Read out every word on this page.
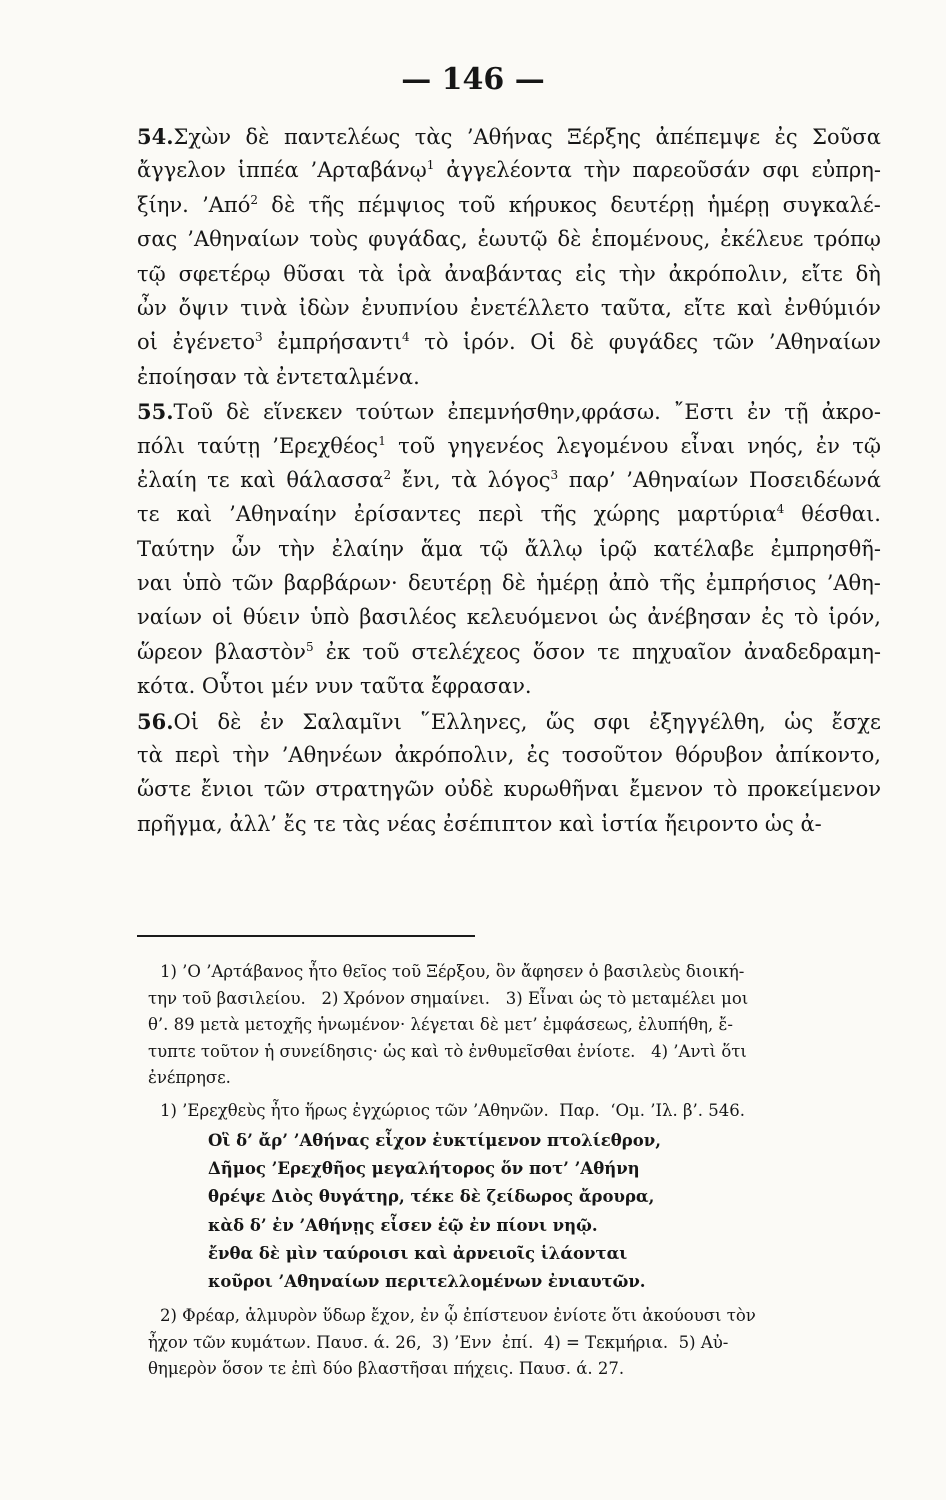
— 146 —
54.Σχὼν δὲ παντελέως τὰς ’Αθήνας Ξέρξης ἀπέπεμψε ἐς Σοῦσα
ἄγγελον ἱππέα ’Αρταβάνῳ$^1$ ἀγγελέοντα τὴν παρεοῦσάν σφι εὐπρη-
ξίην. ’Από$^2$ δὲ τῆς πέμψιος τοῦ κήρυκος δευτέρῃ ἡμέρῃ συγκαλέ-
σας ’Αθηναίων τοὺς φυγάδας, ἑωυτῷ δὲ ἑπομένους, ἐκέλευε τρόπῳ
τῷ σφετέρῳ θῦσαι τὰ ἱρὰ ἀναβάντας εἰς τὴν ἀκρόπολιν, εἴτε δὴ
ὦν ὄψιν τινὰ ἰδὼν ἐνυπνίου ἐνετέλλετο ταῦτα, εἴτε καὶ ἐνθύμιόν
οἱ ἐγένετο$^3$ ἐμπρήσαντι$^4$ τὸ ἱρόν. Οἱ δὲ φυγάδες τῶν ’Αθηναίων
ἐποίησαν τὰ ἐντεταλμένα.
55.Τοῦ δὲ εἵνεκεν τούτων ἐπεμνήσθην,φράσω. ῎Εστι ἐν τῇ ἀκρο-
πόλι ταύτῃ ’Ερεχθέος$^1$ τοῦ γηγενέος λεγομένου εἶναι νηός, ἐν τῷ
ἐλαίη τε καὶ θάλασσα$^2$ ἔνι, τὰ λόγος$^3$ παρ’ ’Αθηναίων Ποσειδέωνά
τε καὶ ’Αθηναίην ἐρίσαντες περὶ τῆς χώρης μαρτύρια$^4$ θέσθαι.
Ταύτην ὦν τὴν ἐλαίην ἅμα τῷ ἄλλῳ ἱρῷ κατέλαβε ἐμπρησθῆ-
ναι ὑπὸ τῶν βαρβάρων· δευτέρῃ δὲ ἡμέρῃ ἀπὸ τῆς ἐμπρήσιος ’Αθη-
ναίων οἱ θύειν ὑπὸ βασιλέος κελευόμενοι ὡς ἀνέβησαν ἐς τὸ ἱρόν,
ὥρεον βλαστὸν$^5$ ἐκ τοῦ στελέχεος ὅσον τε πηχυαῖον ἀναδεδραμη-
κότα. Οὗτοι μέν νυν ταῦτα ἔφρασαν.
56.Οἱ δὲ ἐν Σαλαμῖνι ῞Ελληνες, ὥς σφι ἐξηγγέλθη, ὡς ἔσχε
τὰ περὶ τὴν ’Αθηνέων ἀκρόπολιν, ἐς τοσοῦτον θόρυβον ἀπίκοντο,
ὥστε ἔνιοι τῶν στρατηγῶν οὐδὲ κυρωθῆναι ἔμενον τὸ προκείμενον
πρῆγμα, ἀλλ’ ἔς τε τὰς νέας ἐσέπιπτον καὶ ἱστία ἤειροντο ὡς ἀ-
1) ’Ο ’Αρτάβανος ἦτο θεῖος τοῦ Ξέρξου, ὃν ἄφησεν ὁ βασιλεὺς διοική-
την τοῦ βασιλείου.   2) Χρόνον σημαίνει.   3) Εἶναι ὡς τὸ μεταμέλει μοι
θ’. 89 μετὰ μετοχῆς ἡνωμένον· λέγεται δὲ μετ’ ἐμφάσεως, ἐλυπήθη, ἔ-
τυπτε τοῦτον ἡ συνείδησις· ὡς καὶ τὸ ἐνθυμεῖσθαι ἐνίοτε.   4) ’Αντὶ ὅτι
ἐνέπρησε.
1) ’Ερεχθεὺς ἦτο ἥρως ἐγχώριος τῶν ’Αθηνῶν.  Παρ.  ‘Ομ. ’Ιλ. β’. 546.
Οἳ δ’ ἄρ’ ’Αθήνας εἶχον ἐυκτίμενον πτολίεθρον,
Δῆμος ’Ερεχθῆος μεγαλήτορος ὅν ποτ’ ’Αθήνη
θρέψε Διὸς θυγάτηρ, τέκε δὲ ζείδωρος ἄρουρα,
κὰδ δ’ ἐν ’Αθήνῃς εἷσεν ἑῷ ἐν πίονι νηῷ.
ἔνθα δὲ μὶν ταύροισι καὶ ἀρνειοῖς ἱλάονται
κοῦροι ’Αθηναίων περιτελλομένων ἐνιαυτῶν.
2) Φρέαρ, ἁλμυρὸν ὕδωρ ἔχον, ἐν ᾧ ἐπίστευον ἐνίοτε ὅτι ἀκούουσι τὸν
ἦχον τῶν κυμάτων. Παυσ. ά. 26,  3) ’Ενν  ἐπί.  4) = Τεκμήρια.  5) Αὐ-
θημερὸν ὅσον τε ἐπὶ δύο βλαστῆσαι πήχεις. Παυσ. ά. 27.
